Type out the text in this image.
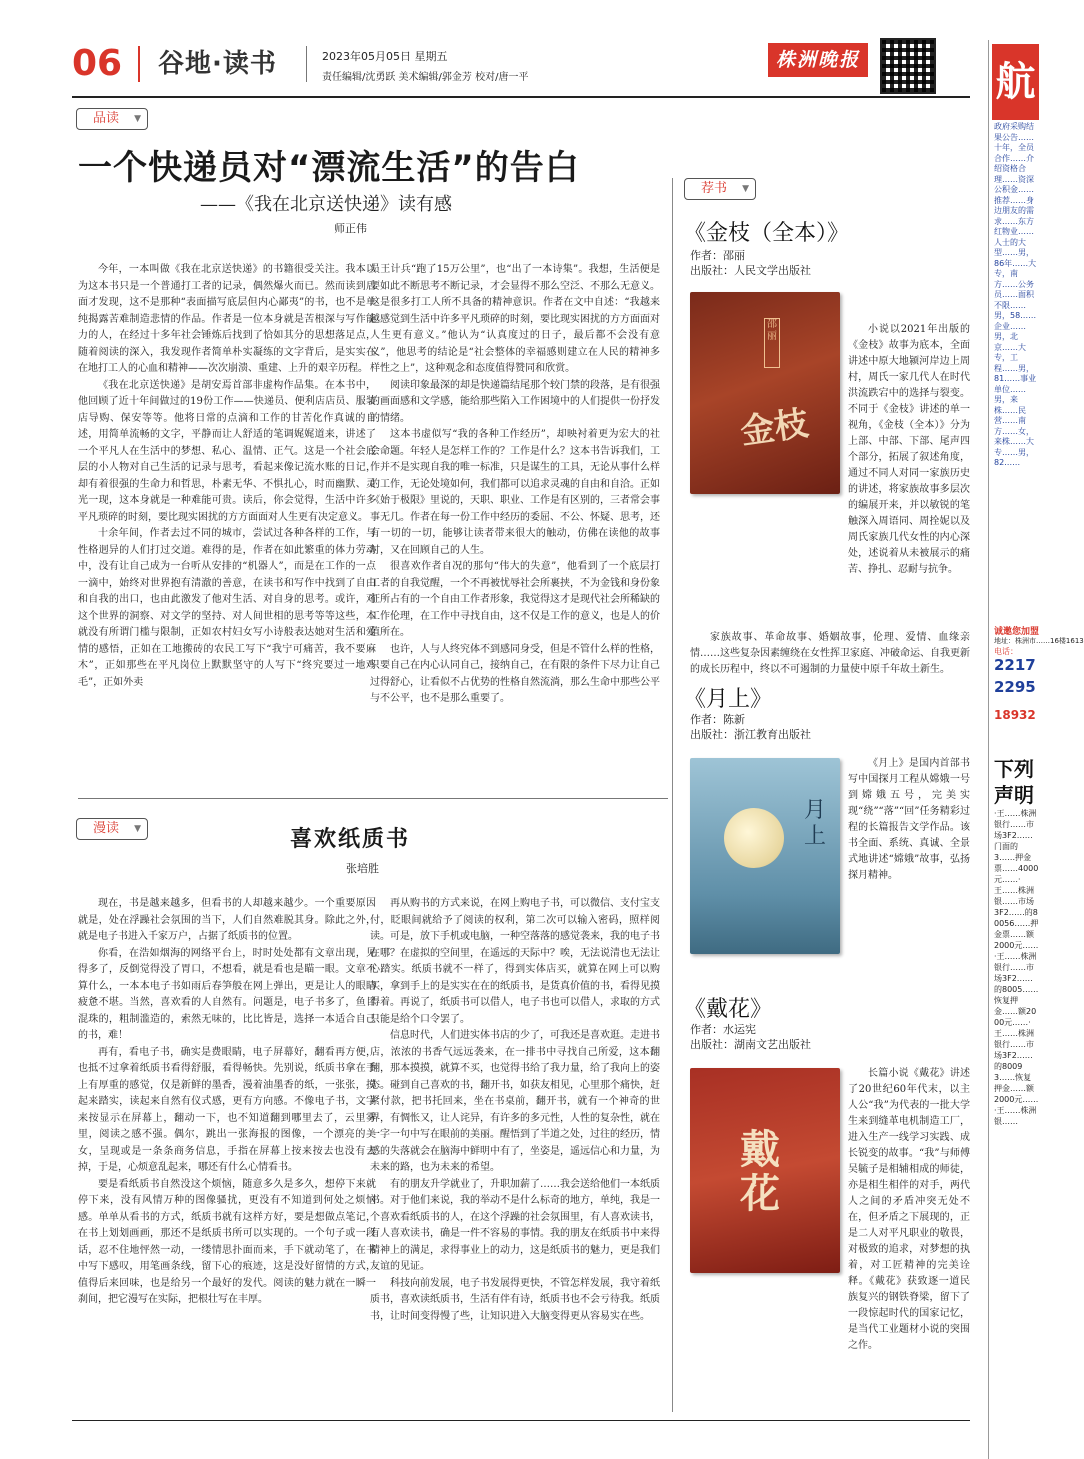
06	谷地·读书	2023年05月05日 星期五
责任编辑/沈勇跃 美术编辑/郭金芳 校对/唐一平
株洲晚报
品读 ▼
一个快递员对“漂流生活”的告白
——《我在北京送快递》读有感
师正伟

今年，一本叫做《我在北京送快递》的书籍很受关注。我本以为这本书只是一个普通打工者的记录，偶然爆火而已。然而读到后面才发现，这不是那种“表面描写底层但内心鄙夷”的书，也不是单纯揭露苦难制造悲情的作品。作者是一位本身就是苦根深与写作能力的人，在经过十多年社会锤炼后找到了恰如其分的思想落足点，随着阅读的深入，我发现作者简单朴实凝练的文字背后，是实实在在地打工人的心血和精神——次次崩溃、重建、上升的艰辛历程。

《我在北京送快递》是胡安焉首部非虚构作品集。在本书中，他回顾了近十年间做过的19份工作——快递员、便利店店员、服装店导购、保安等等。他将日常的点滴和工作的甘苦化作真诚的自述，用简单流畅的文字，平静而让人舒适的笔调娓娓道来，讲述了一个平凡人在生活中的梦想、私心、温情、正气。这是一个社会底层的小人物对自己生活的记录与思考，看起来像记流水账的日记，却有着很强的生命力和哲思，朴素无华、不惧扎心，时而幽默、灵光一现，这本身就是一种难能可贵。读后，你会觉得，生活中许多平凡琐碎的时刻，要比现实困扰的方方面面对人生更有决定意义。

十余年间，作者去过不同的城市，尝试过各种各样的工作，与性格迥异的人们打过交道。难得的是，作者在如此繁重的体力劳动中，没有让自己成为一台听从安排的“机器人”，而是在工作的一点一滴中，始终对世界抱有清澈的善意，在读书和写作中找到了自由和自我的出口，也由此激发了他对生活、对自身的思考。或许，对这个世界的洞察、对文学的坚持、对人间世相的思考等等这些，本就没有所谓门槛与限制，正如农村妇女写小诗般表达她对生活和爱情的感悟，正如在工地搬砖的农民工写下“我宁可痛苦，我不要麻木”，正如那些在平凡岗位上默默坚守的人写下“终究要过一地鸡毛”，正如外卖

员王计兵“跑了15万公里”，也“出了一本诗集”。我想，生活便是要如此不断思考不断记录，才会显得不那么空泛、不那么无意义。这是很多打工人所不具备的精神意识。作者在文中自述：“我越来越感觉到生活中许多平凡琐碎的时刻，要比现实困扰的方方面面对人生更有意义。”他认为“认真度过的日子，最后都不会没有意义”，他思考的结论是“社会整体的幸福感则建立在人民的精神多样性之上”，这种观念和态度值得赞同和欣赏。

阅读印象最深的却是快递篇结尾那个较门禁的段落，是有很强的画面感和文学感，能给那些陷入工作困境中的人们提供一份抒发的情绪。

这本书虚似写“我的各种工作经历”，却映衬着更为宏大的社会命题。年轻人是怎样工作的？工作是什么？这本书告诉我们，工作并不是实现自我的唯一标准，只是谋生的工具，无论从事什么样的工作，无论处境如何，我们都可以追求灵魂的自由和自洽。正如《始于极限》里说的，天职、职业、工作是有区别的，三者常会事事无几。作者在每一份工作中经历的委屈、不公、怀疑、思考，还有一切的一切，能够让读者带来很大的触动，仿佛在读他的故事时，又在回顾自己的人生。

很喜欢作者自况的那句“伟大的失意”，他看到了一个底层打工者的自我觉醒，一个不再被忧辱社会所裹挟，不为金钱和身份象征所占有的一个自由工作者形象，我觉得这才是现代社会所稀缺的工作伦理，在工作中寻找自由，这不仅是工作的意义，也是人的价值所在。

也许，人与人终究体不到感同身受，但是不管什么样的性格，只要自己在内心认同自己，接纳自己，在有限的条件下尽力让自己过得舒心，让看似不占优势的性格自然流淌，那么生命中那些公平与不公平，也不是那么重要了。

漫读 ▼	喜欢纸质书
张培胜

现在，书是越来越多，但看书的人却越来越少。一个重要原因就是，处在浮躁社会氛围的当下，人们自然难脱其身。除此之外，就是电子书进入千家万户，占据了纸质书的位置。

你看，在浩如烟海的网络平台上，时时处处都有文章出现，见得多了，反倒觉得没了胃口，不想看，就是看也是瞄一眼。文章不算什么，一本本电子书如雨后春笋般在网上弹出，更是让人的眼睛疲惫不堪。当然，喜欢看的人自然有。问题是，电子书多了，鱼目混珠的，粗制滥造的，索然无味的，比比皆是，选择一本适合自己的书，难！

再有，看电子书，确实是费眼睛，电子屏幕好，翻看再方便，也抵不过拿着纸质书看得舒服，看得畅快。先别说，纸质书拿在手上有厚重的感觉，仅是新鲜的墨香，漫着油墨香的纸，一张张，摸起来踏实，读起来自然有仪式感，更有方向感。不像电子书，文字来按显示在屏幕上，翻动一下，也不知道翻到哪里去了，云里雾里，阅读之感不强。偶尔，跳出一张海报的图像，一个漂亮的美女，呈现或是一条条商务信息，手指在屏幕上按来按去也没有去掉，于是，心烦意乱起来，哪还有什么心情看书。

要是看纸质书自然没这个烦恼，随意多久是多久，想停下来就停下来，没有风情万种的图像骚扰，更没有不知道到何处之烦恼感。单单从看书的方式，纸质书就有这样方好，要是想做点笔记，在书上划划画画，那还不是纸质书所可以实现的。一个句子或一段话，忍不住地怦然一动，一缕情思扑面而来，手下就动笔了，在书中写下感叹，用笔画条线，留下心的痕迹，这是没好留情的方式，值得后来回味，也是给另一个最好的发代。阅读的魅力就在一瞬一刹间，把它漫写在实际，把根壮写在丰厚。

再从购书的方式来说，在网上购电子书，可以微信、支付宝支付，眨眼间就给予了阅读的权利，第二次可以输入密码，照样阅读。可是，放下手机或电脑，一种空落落的感觉袭来，我的电子书在哪？在虚拟的空间里，在遥远的天际中？唉，无法说清也无法让心踏实。纸质书就不一样了，得到实体店买，就算在网上可以购买，拿到手上的是实实在在的纸质书，是货真价值的书，看得见摸得着。再说了，纸质书可以借人，电子书也可以借人，求取的方式只能是给个口令罢了。

信息时代，人们进实体书店的少了，可我还是喜欢逛。走进书店，浓浓的书香气远远袭来，在一排书中寻找自己所爱，这本翻翻，那本摸摸，就算不买，也觉得书给了我力量，给了我向上的姿态。碰到自己喜欢的书，翻开书，如获友相见，心里那个痛快，赶紧付款，把书托回来，坐在书桌前，翻开书，就有一个神奇的世界，有惆怅又，让人诧异，有许多的多元性，人性的复杂性，就在一字一句中写在眼前的美丽。醒悟到了半道之处，过往的经历，情感的失落就会在脑海中鲜明中有了，坐姿是，遥远信心和力量，为未来的路，也为未来的希望。

有的朋友升学就业了，升职加薪了……我会送给他们一本纸质书。对于他们来说，我的举动不是什么标奇的地方，单纯，我是一个喜欢看纸质书的人，在这个浮躁的社会氛围里，有人喜欢读书，有人喜欢读书，确是一件不容易的事情。我的朋友在纸质书中来得精神上的满足，求得事业上的动力，这是纸质书的魅力，更是我们友谊的见证。

科技向前发展，电子书发展得更快，不管怎样发展，我守着纸质书，喜欢读纸质书，生活有伴有诗，纸质书也不会亏待我。纸质书，让时间变得慢了些，让知识进入大脑变得更从容易实在些。

荐书 ▼
《金枝（全本）》
作者：邵丽
出版社：人民文学出版社
邵丽
金枝

小说以2021年出版的《金枝》故事为底本，全面讲述中原大地颍河岸边上周村，周氏一家几代人在时代洪流跌宕中的选择与裂变。不同于《金枝》讲述的单一视角，《金枝（全本）》分为上部、中部、下部、尾声四个部分，拓展了叙述角度，通过不同人对同一家族历史的讲述，将家族故事多层次的编展开来，并以敏锐的笔触深入周语同、周拴妮以及周氏家族几代女性的内心深处，述说着从未被展示的痛苦、挣扎、忍耐与抗争。

家族故事、革命故事、婚姻故事，伦理、爱情、血缘亲情……这些复杂因素缠绕在女性挥卫家庭、冲破命运、自我更新的成长历程中，终以不可遏制的力量使中原千年故土新生。

《月上》
作者：陈新
出版社：浙江教育出版社
月上

《月上》是国内首部书写中国探月工程从嫦娥一号到嫦娥五号，完美实现“绕”“落”“回”任务精彩过程的长篇报告文学作品。该书全面、系统、真诚、全景式地讲述“嫦娥”故事，弘扬探月精神。

《戴花》
作者：水运宪
出版社：湖南文艺出版社
戴花

长篇小说《戴花》讲述了20世纪60年代末，以主人公“我”为代表的一批大学生来到缝革电机制造工厂，进入生产一线学习实践、成长锐变的故事。“我”与师傅吴毓子是相辅相成的师徒，亦是相生相伴的对手，两代人之间的矛盾冲突无处不在，但矛盾之下展现的，正是二人对平凡职业的敬畏，对极致的追求，对梦想的执着，对工匠精神的完美诠释。《戴花》获致逐一道民族复兴的钢铁脊梁，留下了一段惊起时代的国家记忆，是当代工业题材小说的突围之作。

航
政府采购结果公告……十年，全员合作……介绍资格合理……资深公积金……推荐……身边朋友的需求……东方红物业……人士的大型……男，86年……大专，南方……公务员……面积不限……男，58……企业……男，北京……大专，工程……男，81……事业单位……男，来株……民营……南方……女，来株……大专……男，82……
诚邀您加盟
地址：株洲市……16楼1613
电话：
2217
2295
18932
下列声明
·王……株洲银行……市场3F2……门面的3……押金票……4000元……·王……株洲银……市场3F2……的80056……押金票……额2000元……·王……株洲银行……市场3F2……的8005……恢复押金……额2000元……·王……株洲银行……市场3F2……的80093……恢复押金……额2000元……·王……株洲银……
